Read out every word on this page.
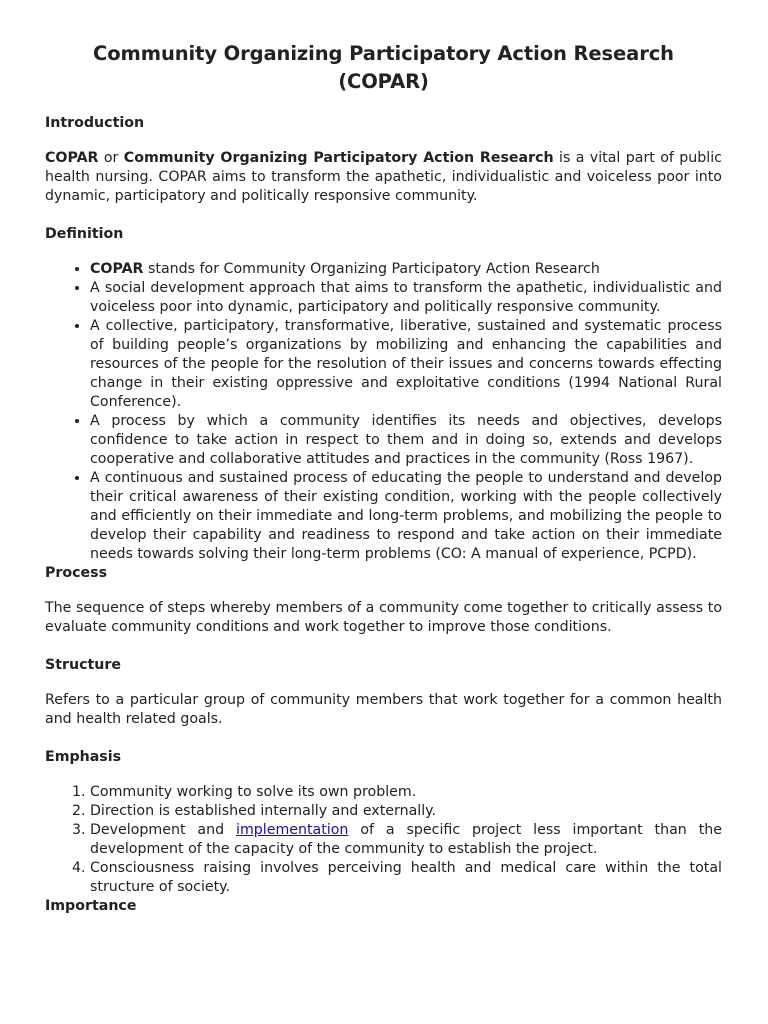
Community Organizing Participatory Action Research (COPAR)
Introduction

COPAR or Community Organizing Participatory Action Research is a vital part of public health nursing. COPAR aims to transform the apathetic, individualistic and voiceless poor into dynamic, participatory and politically responsive community.

Definition
• COPAR stands for Community Organizing Participatory Action Research
• A social development approach that aims to transform the apathetic, individualistic and voiceless poor into dynamic, participatory and politically responsive community.
• A collective, participatory, transformative, liberative, sustained and systematic process of building people’s organizations by mobilizing and enhancing the capabilities and resources of the people for the resolution of their issues and concerns towards effecting change in their existing oppressive and exploitative conditions (1994 National Rural Conference).
• A process by which a community identifies its needs and objectives, develops confidence to take action in respect to them and in doing so, extends and develops cooperative and collaborative attitudes and practices in the community (Ross 1967).
• A continuous and sustained process of educating the people to understand and develop their critical awareness of their existing condition, working with the people collectively and efficiently on their immediate and long-term problems, and mobilizing the people to develop their capability and readiness to respond and take action on their immediate needs towards solving their long-term problems (CO: A manual of experience, PCPD).
Process

The sequence of steps whereby members of a community come together to critically assess to evaluate community conditions and work together to improve those conditions.

Structure

Refers to a particular group of community members that work together for a common health and health related goals.

Emphasis
1. Community working to solve its own problem.
2. Direction is established internally and externally.
3. Development and implementation of a specific project less important than the development of the capacity of the community to establish the project.
4. Consciousness raising involves perceiving health and medical care within the total structure of society.
Importance
